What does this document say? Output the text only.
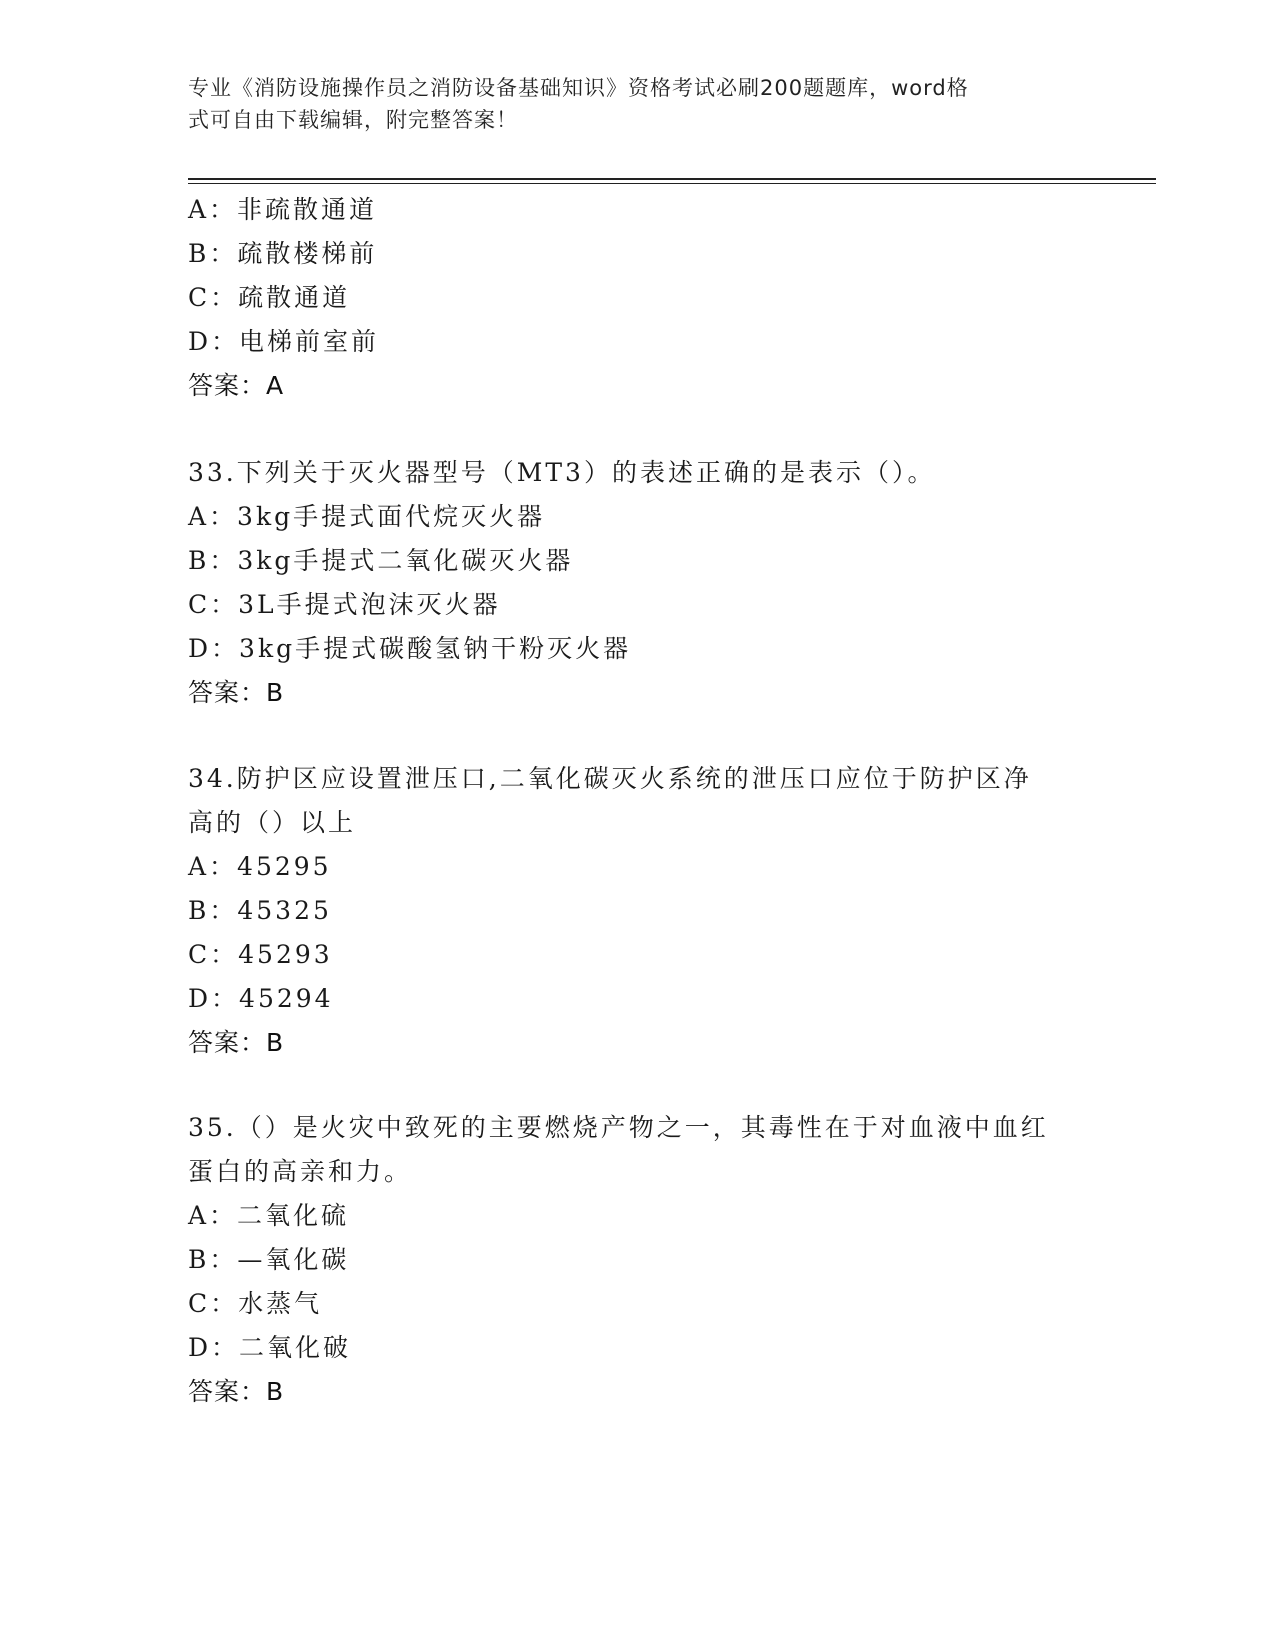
专业《消防设施操作员之消防设备基础知识》资格考试必刷200题题库，word格
式可自由下载编辑，附完整答案！
A：非疏散通道
B：疏散楼梯前
C：疏散通道
D：电梯前室前
答案：A
33.下列关于灭火器型号（MT3）的表述正确的是表示（）。
A：3kg手提式面代烷灭火器
B：3kg手提式二氧化碳灭火器
C：3L手提式泡沫灭火器
D：3kg手提式碳酸氢钠干粉灭火器
答案：B
34.防护区应设置泄压口,二氧化碳灭火系统的泄压口应位于防护区净
高的（）以上
A：45295
B：45325
C：45293
D：45294
答案：B
35.（）是火灾中致死的主要燃烧产物之一，其毒性在于对血液中血红
蛋白的高亲和力。
A：二氧化硫
B：—氧化碳
C：水蒸气
D：二氧化破
答案：B
